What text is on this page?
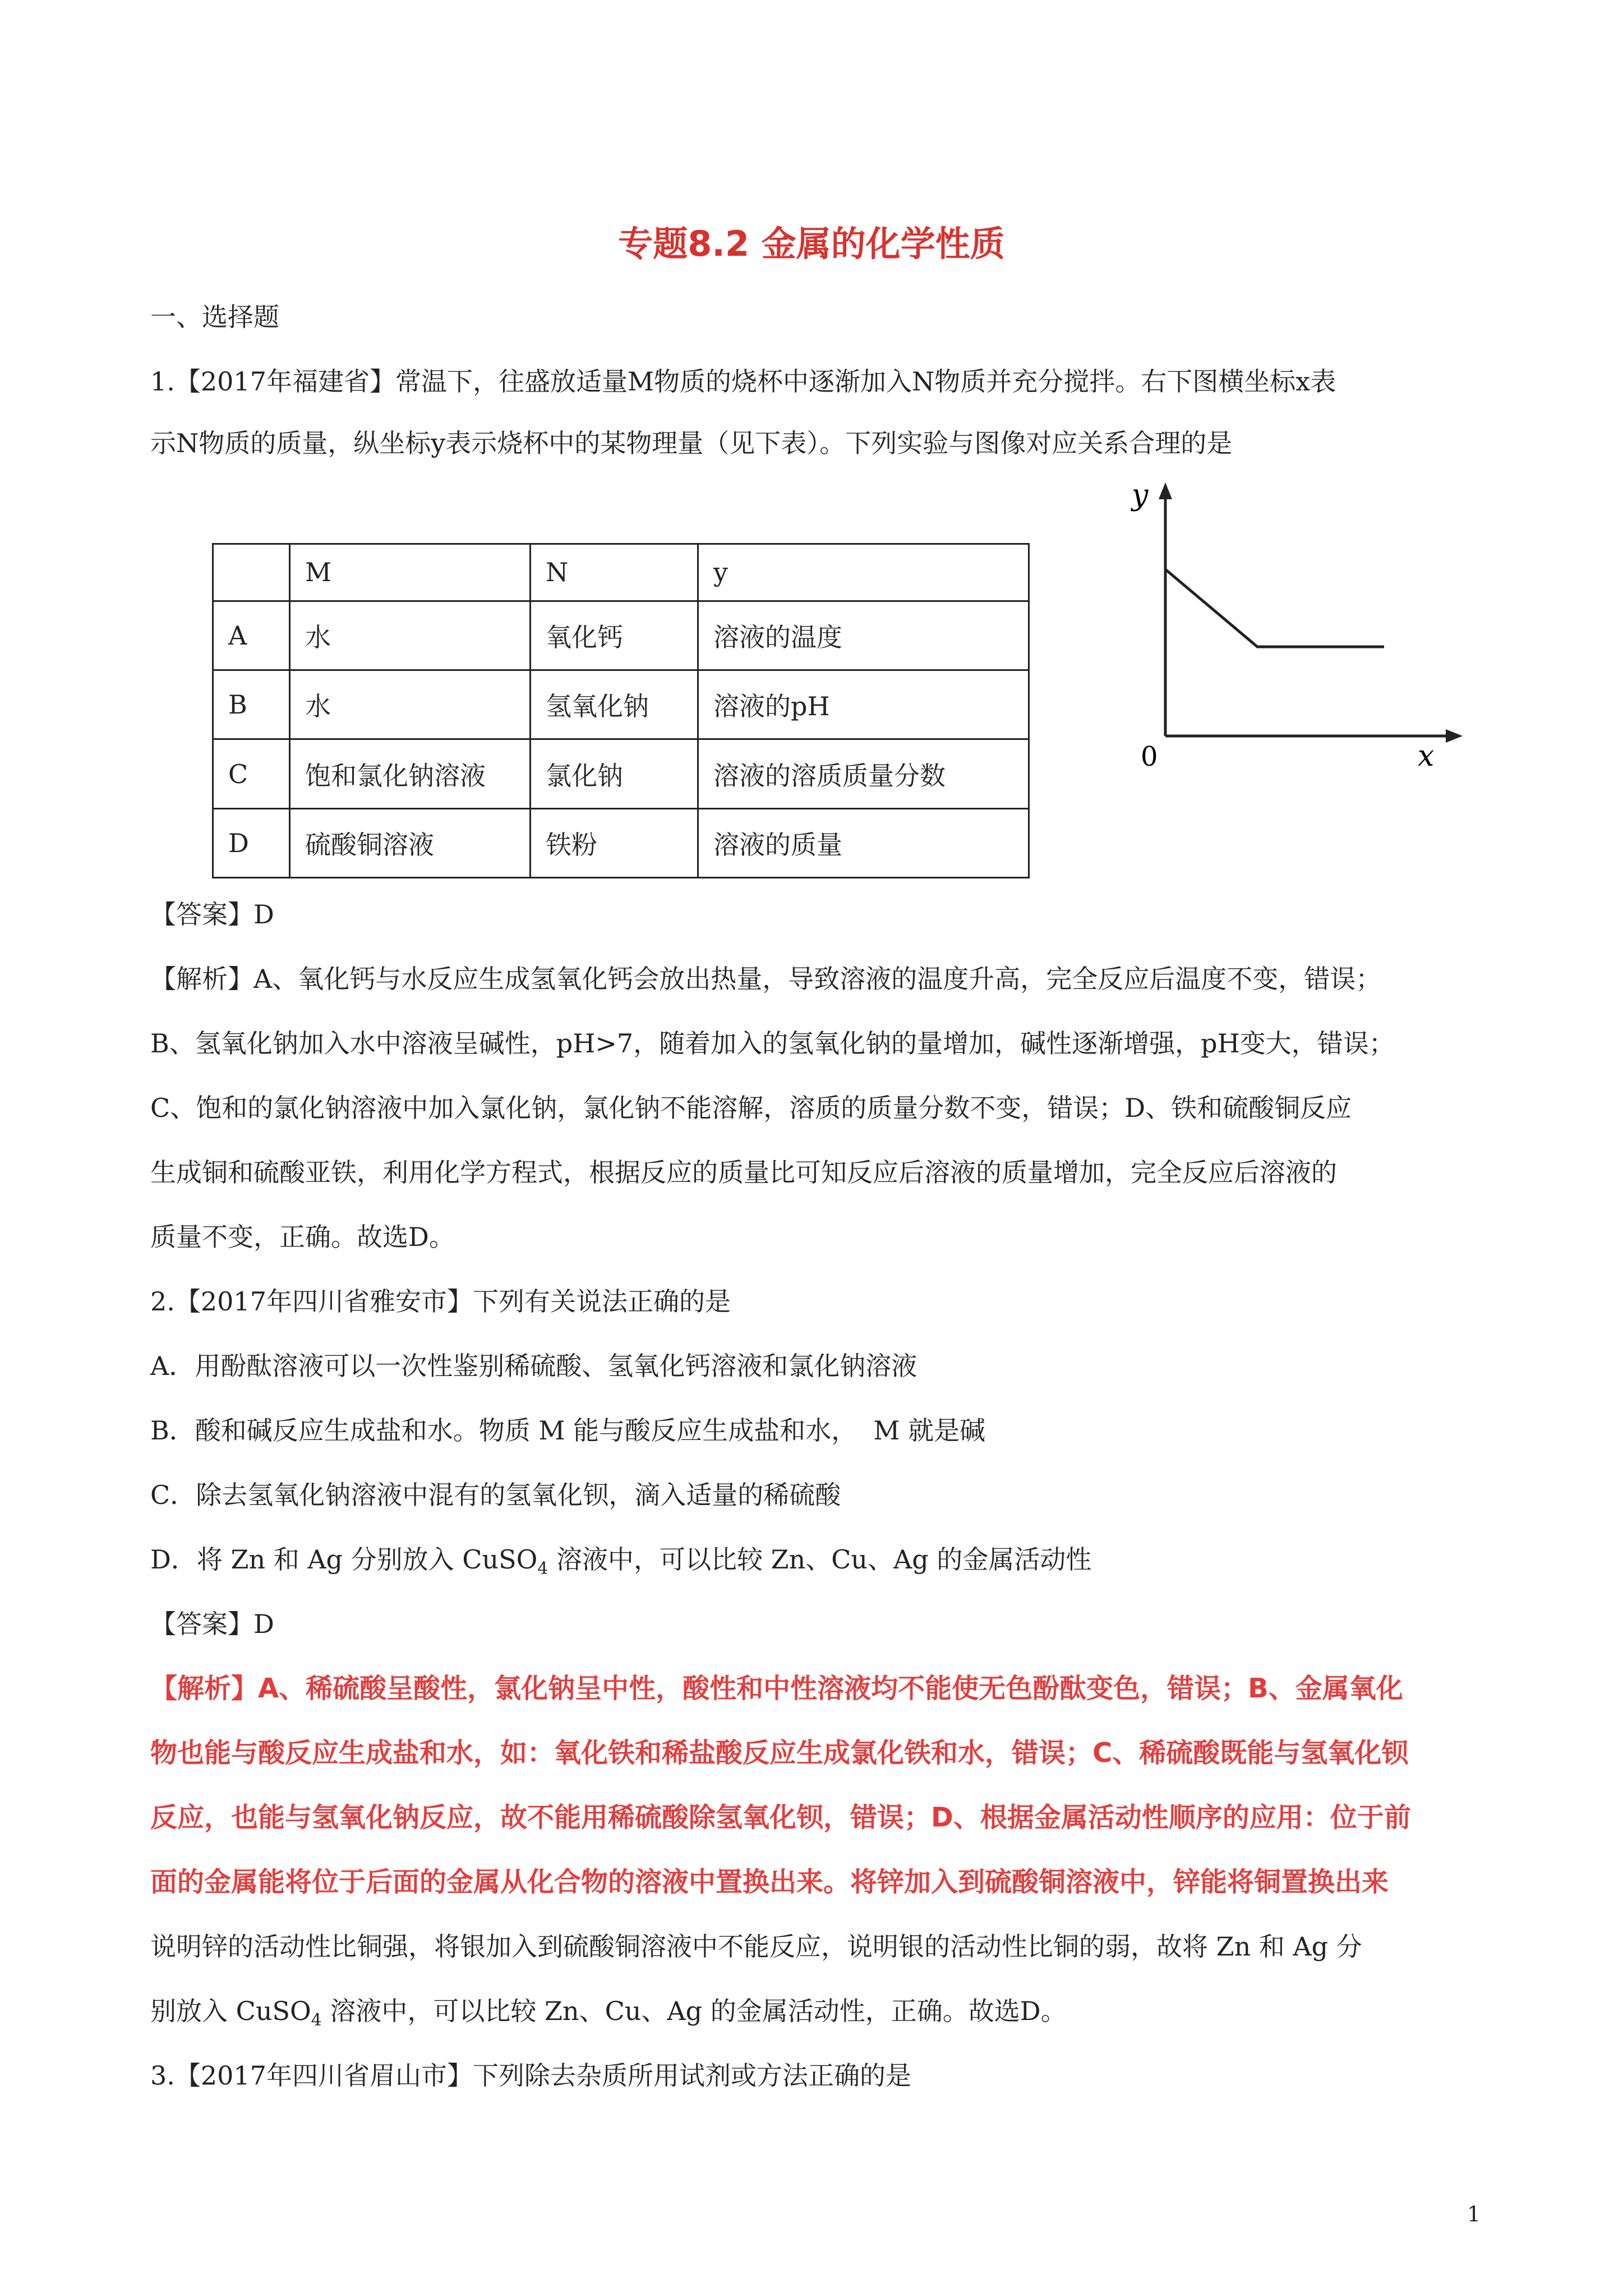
专题8.2 金属的化学性质
一、选择题
1.【2017年福建省】常温下，往盛放适量M物质的烧杯中逐渐加入N物质并充分搅拌。右下图横坐标x表
示N物质的质量，纵坐标y表示烧杯中的某物理量（见下表）。下列实验与图像对应关系合理的是
	M	N	y
A	水	氧化钙	溶液的温度
B	水	氢氧化钠	溶液的pH
C	饱和氯化钠溶液	氯化钠	溶液的溶质质量分数
D	硫酸铜溶液	铁粉	溶液的质量
y
x
0
【答案】D
【解析】A、氧化钙与水反应生成氢氧化钙会放出热量，导致溶液的温度升高，完全反应后温度不变，错误；
B、氢氧化钠加入水中溶液呈碱性，pH>7，随着加入的氢氧化钠的量增加，碱性逐渐增强，pH变大，错误；
C、饱和的氯化钠溶液中加入氯化钠，氯化钠不能溶解，溶质的质量分数不变，错误；D、铁和硫酸铜反应
生成铜和硫酸亚铁，利用化学方程式，根据反应的质量比可知反应后溶液的质量增加，完全反应后溶液的
质量不变，正确。故选D。
2.【2017年四川省雅安市】下列有关说法正确的是
A．用酚酞溶液可以一次性鉴别稀硫酸、氢氧化钙溶液和氯化钠溶液
B．酸和碱反应生成盐和水。物质 M 能与酸反应生成盐和水，  M 就是碱
C．除去氢氧化钠溶液中混有的氢氧化钡，滴入适量的稀硫酸
D．将 Zn 和 Ag 分别放入 CuSO$_4$ 溶液中，可以比较 Zn、Cu、Ag 的金属活动性
【答案】D
【解析】A、稀硫酸呈酸性，氯化钠呈中性，酸性和中性溶液均不能使无色酚酞变色，错误；B、金属氧化
物也能与酸反应生成盐和水，如：氧化铁和稀盐酸反应生成氯化铁和水，错误；C、稀硫酸既能与氢氧化钡
反应，也能与氢氧化钠反应，故不能用稀硫酸除氢氧化钡，错误；D、根据金属活动性顺序的应用：位于前
面的金属能将位于后面的金属从化合物的溶液中置换出来。将锌加入到硫酸铜溶液中，锌能将铜置换出来
说明锌的活动性比铜强，将银加入到硫酸铜溶液中不能反应，说明银的活动性比铜的弱，故将 Zn 和 Ag 分
别放入 CuSO$_4$ 溶液中，可以比较 Zn、Cu、Ag 的金属活动性，正确。故选D。
3.【2017年四川省眉山市】下列除去杂质所用试剂或方法正确的是
1
